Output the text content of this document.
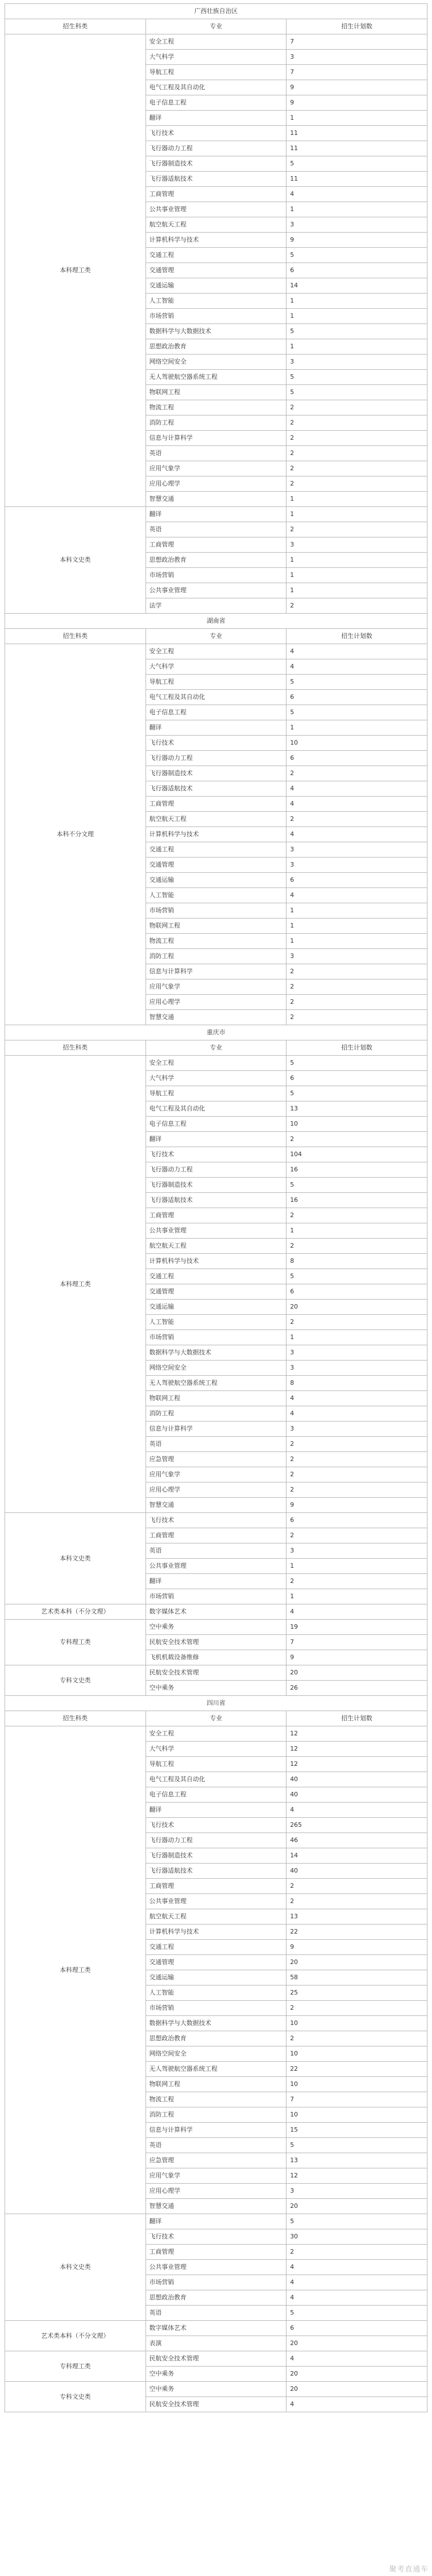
广西壮族自治区		
招生科类	专业	招生计划数
本科理工类	安全工程	7
	大气科学	3
	导航工程	7
	电气工程及其自动化	9
	电子信息工程	9
	翻译	1
	飞行技术	11
	飞行器动力工程	11
	飞行器制造技术	5
	飞行器适航技术	11
	工商管理	4
	公共事业管理	1
	航空航天工程	3
	计算机科学与技术	9
	交通工程	5
	交通管理	6
	交通运输	14
	人工智能	1
	市场营销	1
	数据科学与大数据技术	5
	思想政治教育	1
	网络空间安全	3
	无人驾驶航空器系统工程	5
	物联网工程	5
	物流工程	2
	消防工程	2
	信息与计算科学	2
	英语	2
	应用气象学	2
	应用心理学	2
	智慧交通	1
本科文史类	翻译	1
	英语	2
	工商管理	3
	思想政治教育	1
	市场营销	1
	公共事业管理	1
	法学	2
湖南省		
招生科类	专业	招生计划数
本科不分文理	安全工程	4
	大气科学	4
	导航工程	5
	电气工程及其自动化	6
	电子信息工程	5
	翻译	1
	飞行技术	10
	飞行器动力工程	6
	飞行器制造技术	2
	飞行器适航技术	4
	工商管理	4
	航空航天工程	2
	计算机科学与技术	4
	交通工程	3
	交通管理	3
	交通运输	6
	人工智能	4
	市场营销	1
	物联网工程	1
	物流工程	1
	消防工程	3
	信息与计算科学	2
	应用气象学	2
	应用心理学	2
	智慧交通	2
重庆市		
招生科类	专业	招生计划数
本科理工类	安全工程	5
	大气科学	6
	导航工程	5
	电气工程及其自动化	13
	电子信息工程	10
	翻译	2
	飞行技术	104
	飞行器动力工程	16
	飞行器制造技术	5
	飞行器适航技术	16
	工商管理	2
	公共事业管理	1
	航空航天工程	2
	计算机科学与技术	8
	交通工程	5
	交通管理	6
	交通运输	20
	人工智能	2
	市场营销	1
	数据科学与大数据技术	3
	网络空间安全	3
	无人驾驶航空器系统工程	8
	物联网工程	4
	消防工程	4
	信息与计算科学	3
	英语	2
	应急管理	2
	应用气象学	2
	应用心理学	2
	智慧交通	9
本科文史类	飞行技术	6
	工商管理	2
	英语	3
	公共事业管理	1
	翻译	2
	市场营销	1
艺术类本科（不分文理）	数字媒体艺术	4
专科理工类	空中乘务	19
	民航安全技术管理	7
	飞机机载设备维修	9
专科文史类	民航安全技术管理	20
	空中乘务	26
四川省		
招生科类	专业	招生计划数
本科理工类	安全工程	12
	大气科学	12
	导航工程	12
	电气工程及其自动化	40
	电子信息工程	40
	翻译	4
	飞行技术	265
	飞行器动力工程	46
	飞行器制造技术	14
	飞行器适航技术	40
	工商管理	2
	公共事业管理	2
	航空航天工程	13
	计算机科学与技术	22
	交通工程	9
	交通管理	20
	交通运输	58
	人工智能	25
	市场营销	2
	数据科学与大数据技术	10
	思想政治教育	2
	网络空间安全	10
	无人驾驶航空器系统工程	22
	物联网工程	10
	物流工程	7
	消防工程	10
	信息与计算科学	15
	英语	5
	应急管理	13
	应用气象学	12
	应用心理学	3
	智慧交通	20
本科文史类	翻译	5
	飞行技术	30
	工商管理	2
	公共事业管理	4
	市场营销	4
	思想政治教育	4
	英语	5
艺术类本科（不分文理）	数字媒体艺术	6
	表演	20
专科理工类	民航安全技术管理	4
	空中乘务	20
专科文史类	空中乘务	20
	民航安全技术管理	4
聚考直通车
